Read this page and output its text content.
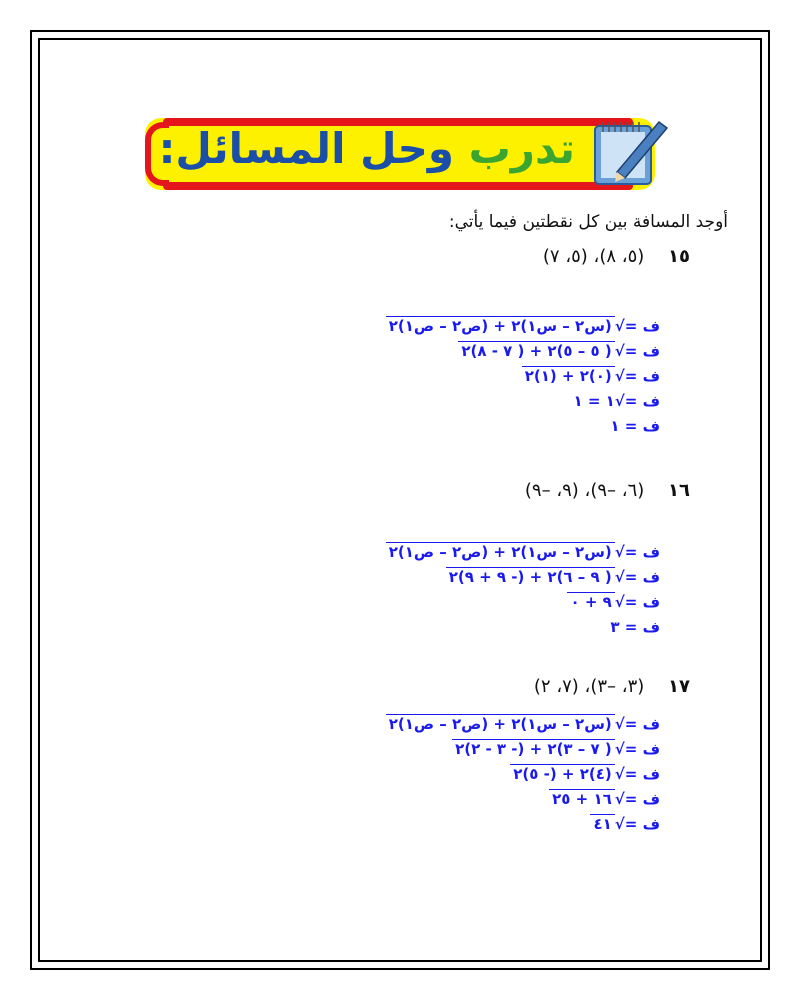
تدرب وحل المسائل:
أوجد المسافة بين كل نقطتين فيما يأتي:
١٥ (٥، ٨)، (٥، ٧)
ف =√(س٢ – س١)٢ + (ص٢ – ص١)٢
ف =√( ٥ – ٥)٢ + ( ٧ - ٨)٢
ف =√(٠)٢ + (١)٢
ف =√١ = ١
ف = ١
١٦ (٦، –٩)، (٩، –٩)
ف =√(س٢ – س١)٢ + (ص٢ – ص١)٢
ف =√( ٩ – ٦)٢ + (- ٩ + ٩)٢
ف =√٩ + ٠
ف = ٣
١٧ (٣، –٣)، (٧، ٢)
ف =√(س٢ – س١)٢ + (ص٢ – ص١)٢
ف =√( ٧ – ٣)٢ + (- ٣ - ٢)٢
ف =√(٤)٢ + (- ٥)٢
ف =√١٦ + ٢٥
ف =√٤١
